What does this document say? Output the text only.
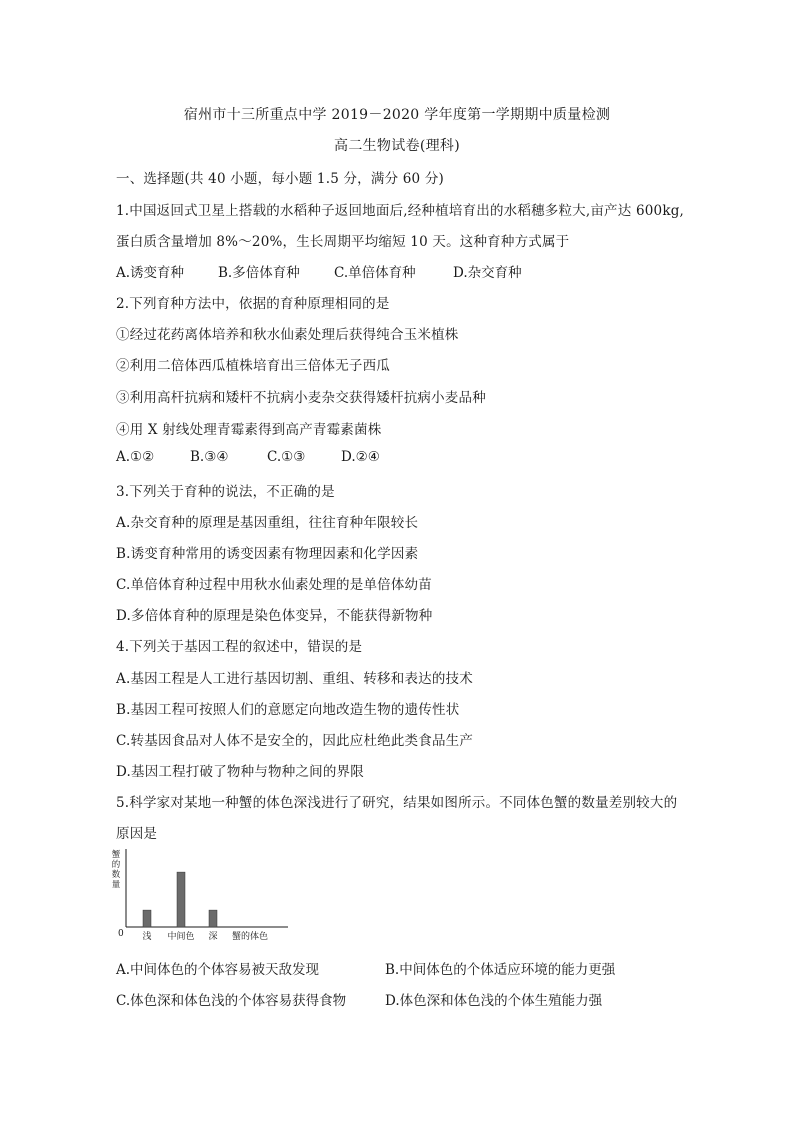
宿州市十三所重点中学 2019－2020 学年度第一学期期中质量检测
高二生物试卷(理科)
一、选择题(共 40 小题，每小题 1.5 分，满分 60 分)
1.中国返回式卫星上搭载的水稻种子返回地面后,经种植培育出的水稻穗多粒大,亩产达 600kg,
蛋白质含量增加 8%～20%，生长周期平均缩短 10 天。这种育种方式属于
A.诱变育种	B.多倍体育种	C.单倍体育种	D.杂交育种
2.下列育种方法中，依据的育种原理相同的是
①经过花药离体培养和秋水仙素处理后获得纯合玉米植株
②利用二倍体西瓜植株培育出三倍体无子西瓜
③利用高杆抗病和矮杆不抗病小麦杂交获得矮杆抗病小麦品种
④用 X 射线处理青霉素得到高产青霉素菌株
A.①②	B.③④	C.①③	D.②④
3.下列关于育种的说法，不正确的是
A.杂交育种的原理是基因重组，往往育种年限较长
B.诱变育种常用的诱变因素有物理因素和化学因素
C.单倍体育种过程中用秋水仙素处理的是单倍体幼苗
D.多倍体育种的原理是染色体变异，不能获得新物种
4.下列关于基因工程的叙述中，错误的是
A.基因工程是人工进行基因切割、重组、转移和表达的技术
B.基因工程可按照人们的意愿定向地改造生物的遗传性状
C.转基因食品对人体不是安全的，因此应杜绝此类食品生产
D.基因工程打破了物种与物种之间的界限
5.科学家对某地一种蟹的体色深浅进行了研究，结果如图所示。不同体色蟹的数量差别较大的
原因是
0
蟹
的
数
量
浅 中间色 深 蟹的体色
A.中间体色的个体容易被天敌发现	B.中间体色的个体适应环境的能力更强
C.体色深和体色浅的个体容易获得食物	D.体色深和体色浅的个体生殖能力强
